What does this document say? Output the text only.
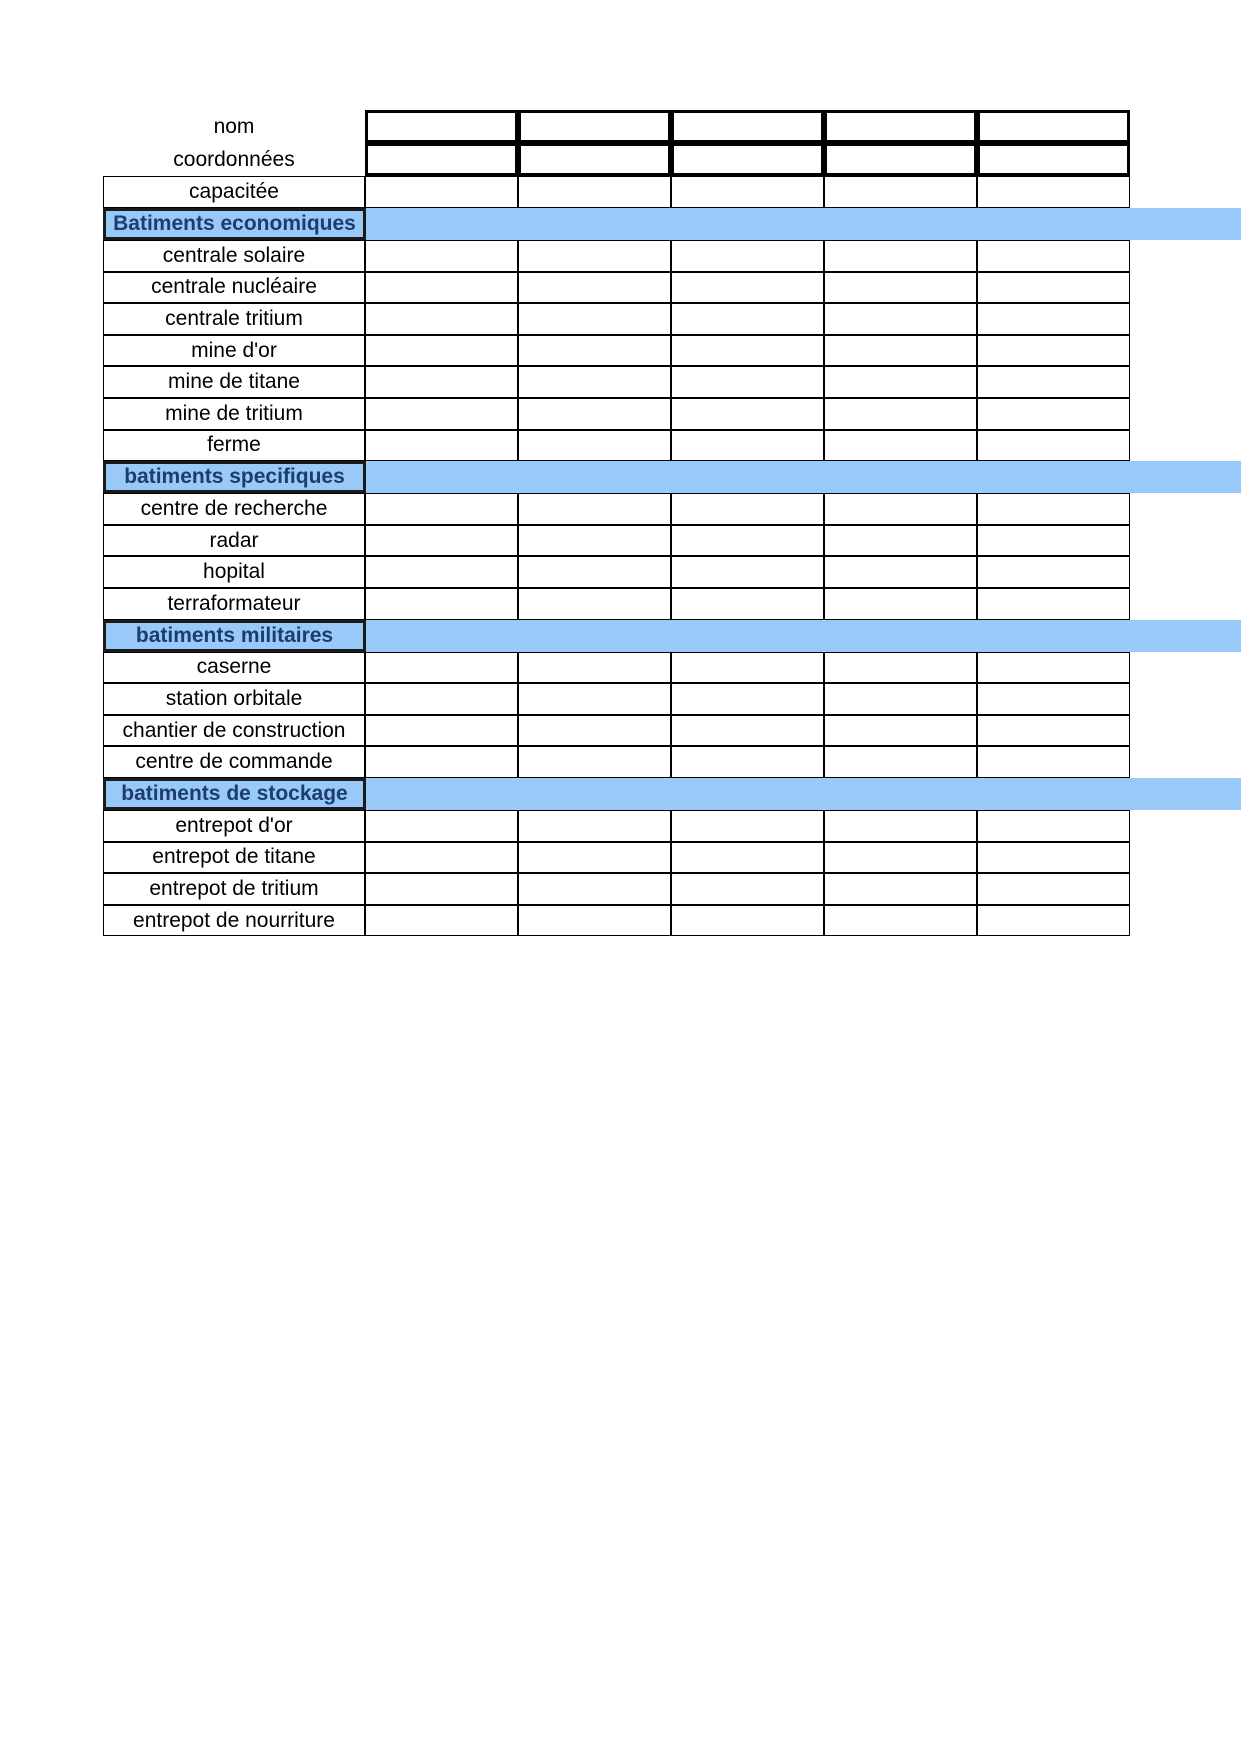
nom
coordonnées
capacitée
Batiments economiques
centrale solaire
centrale nucléaire
centrale tritium
mine d'or
mine de titane
mine de tritium
ferme
batiments specifiques
centre de recherche
radar
hopital
terraformateur
batiments militaires
caserne
station orbitale
chantier de construction
centre de commande
batiments de stockage
entrepot d'or
entrepot de titane
entrepot de tritium
entrepot de nourriture
